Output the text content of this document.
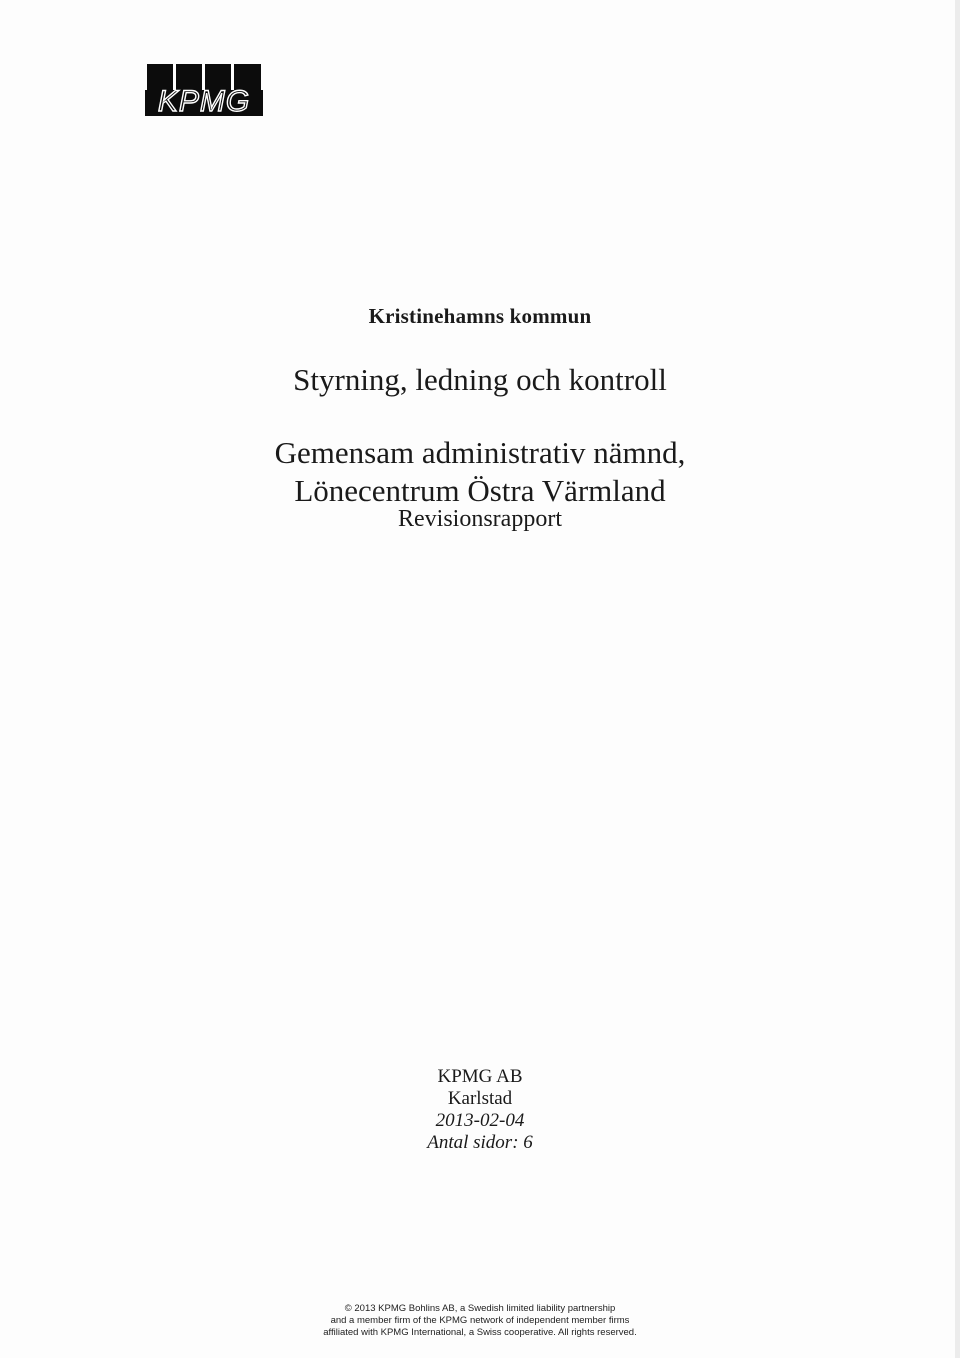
KPMG
Kristinehamns kommun
Styrning, ledning och kontroll
Gemensam administrativ nämnd,
Lönecentrum Östra Värmland
Revisionsrapport
KPMG AB
Karlstad
2013-02-04
Antal sidor: 6
© 2013 KPMG Bohlins AB, a Swedish limited liability partnership
and a member firm of the KPMG network of independent member firms
affiliated with KPMG International, a Swiss cooperative. All rights reserved.
